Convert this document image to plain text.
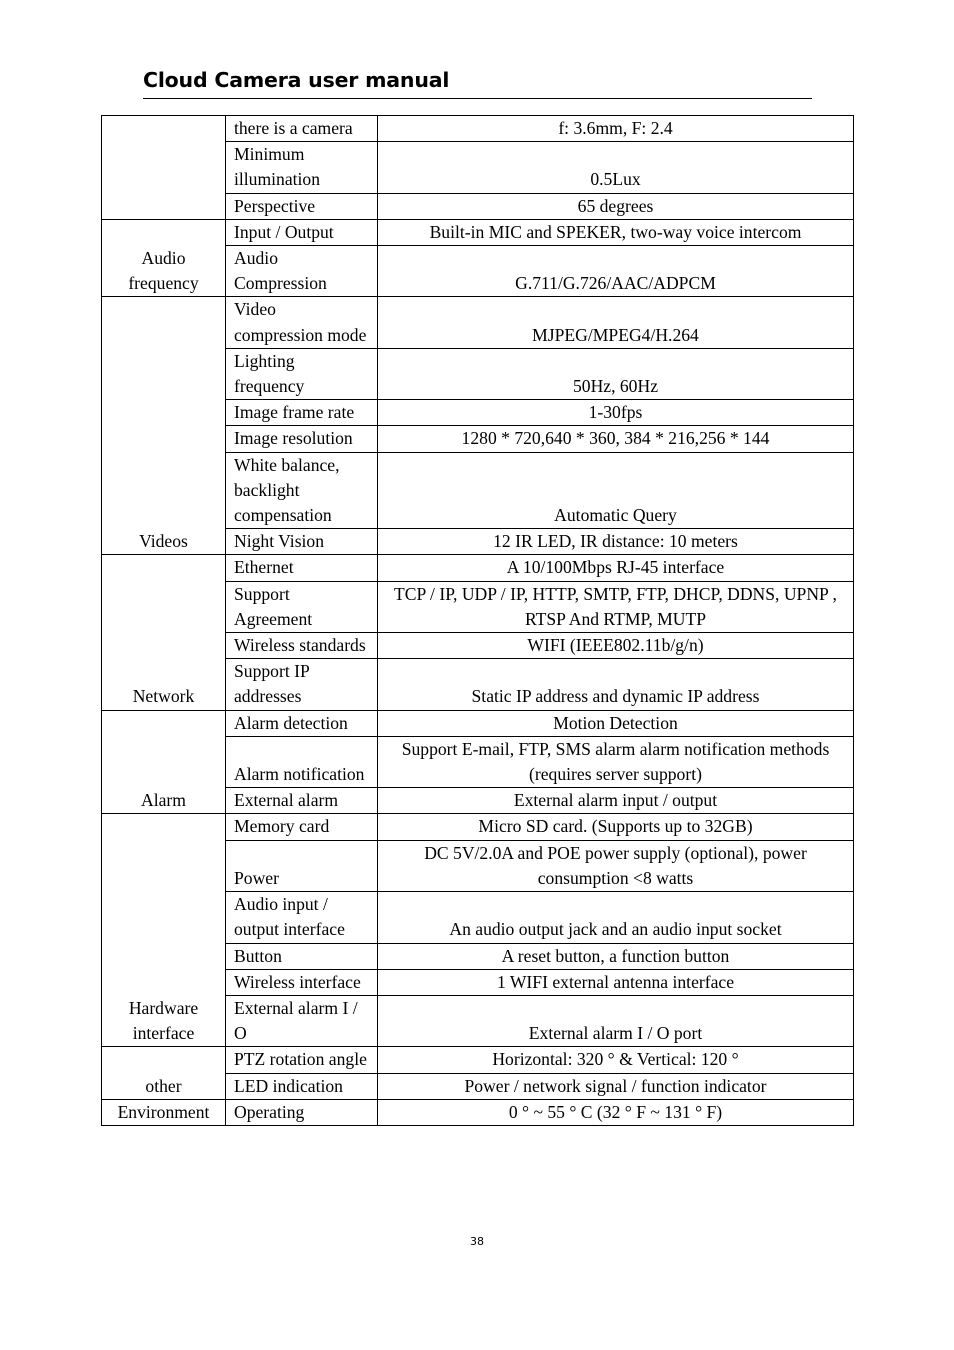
Cloud Camera user manual
	there is a camera	f: 3.6mm, F: 2.4
	Minimum illumination	0.5Lux
	Perspective	65 degrees
Audio frequency	Input / Output	Built-in MIC and SPEKER, two-way voice intercom
	Audio Compression	G.711/G.726/AAC/ADPCM
Videos	Video compression mode	MJPEG/MPEG4/H.264
	Lighting frequency	50Hz, 60Hz
	Image frame rate	1-30fps
	Image resolution	1280 * 720,640 * 360, 384 * 216,256 * 144
	White balance, backlight compensation	Automatic Query
	Night Vision	12 IR LED, IR distance: 10 meters
Network	Ethernet	A 10/100Mbps RJ-45 interface
	Support Agreement	TCP / IP, UDP / IP, HTTP, SMTP, FTP, DHCP, DDNS, UPNP , RTSP And RTMP, MUTP
	Wireless standards	WIFI (IEEE802.11b/g/n)
	Support IP addresses	Static IP address and dynamic IP address
Alarm	Alarm detection	Motion Detection
	Alarm notification	Support E-mail, FTP, SMS alarm alarm notification methods (requires server support)
	External alarm	External alarm input / output
Hardware interface	Memory card	Micro SD card. (Supports up to 32GB)
	Power	DC 5V/2.0A and POE power supply (optional), power consumption <8 watts
	Audio input / output interface	An audio output jack and an audio input socket
	Button	A reset button, a function button
	Wireless interface	1 WIFI external antenna interface
	External alarm I / O	External alarm I / O port
other	PTZ rotation angle	Horizontal: 320 ° & Vertical: 120 °
	LED indication	Power / network signal / function indicator
Environment	Operating	0 ° ~ 55 ° C (32 ° F ~ 131 ° F)
38
